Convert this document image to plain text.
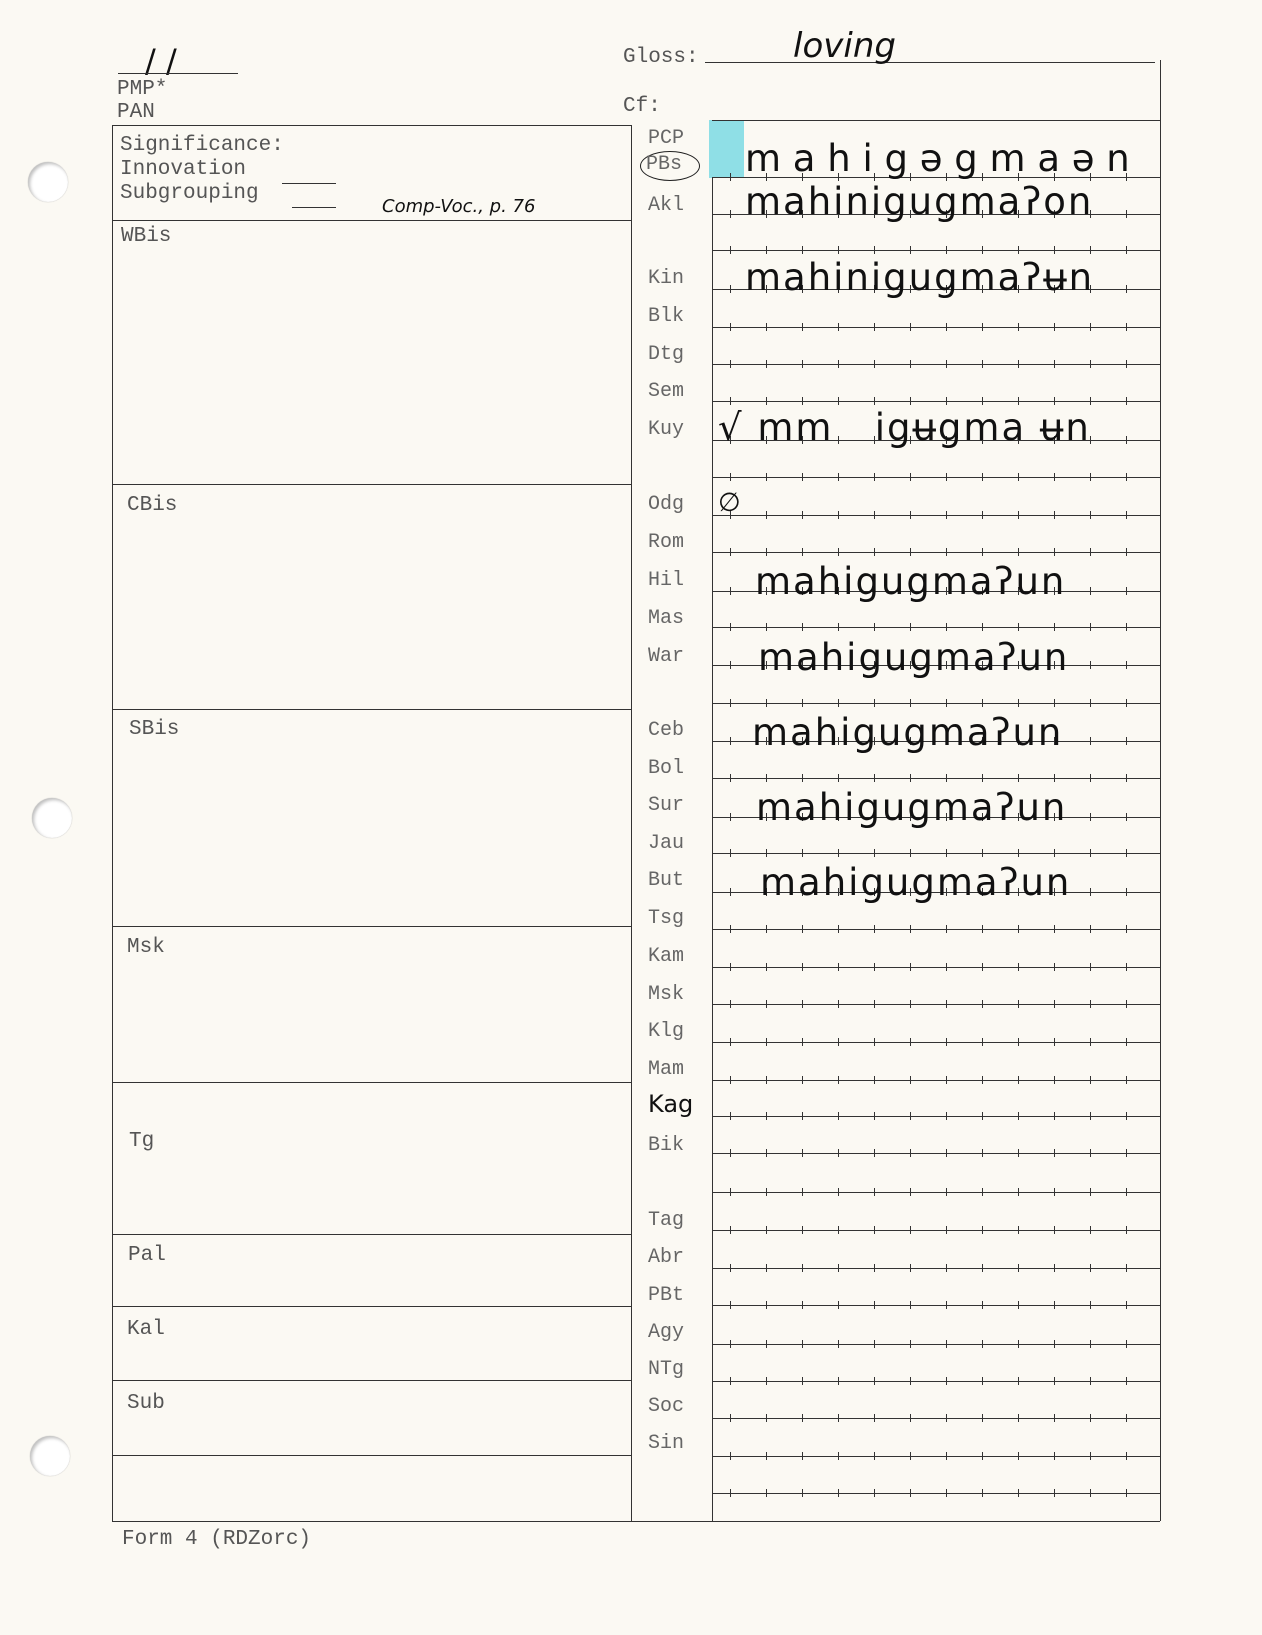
/ /
PMP*
PAN
Gloss:	loving
Cf:
Significance:
Innovation
Subgrouping
Comp-Voc., p. 76
WBis
CBis
SBis
Msk
Tg
Pal
Kal
Sub
PCP
PBs
Akl
Kin
Blk
Dtg
Sem
Kuy
Odg
Rom
Hil
Mas
War
Ceb
Bol
Sur
Jau
But
Tsg
Kam
Msk
Klg
Mam
Kag
Bik
Tag
Abr
PBt
Agy
NTg
Soc
Sin
m a h i g ə g m a ə n
mahinigugmaʔon
mahinigugmaʔʉn
√ mm   igʉgma ʉn
∅
mahigugmaʔun
mahigugmaʔun
mahigugmaʔun
mahigugmaʔun
mahigugmaʔun
Form 4 (RDZorc)
